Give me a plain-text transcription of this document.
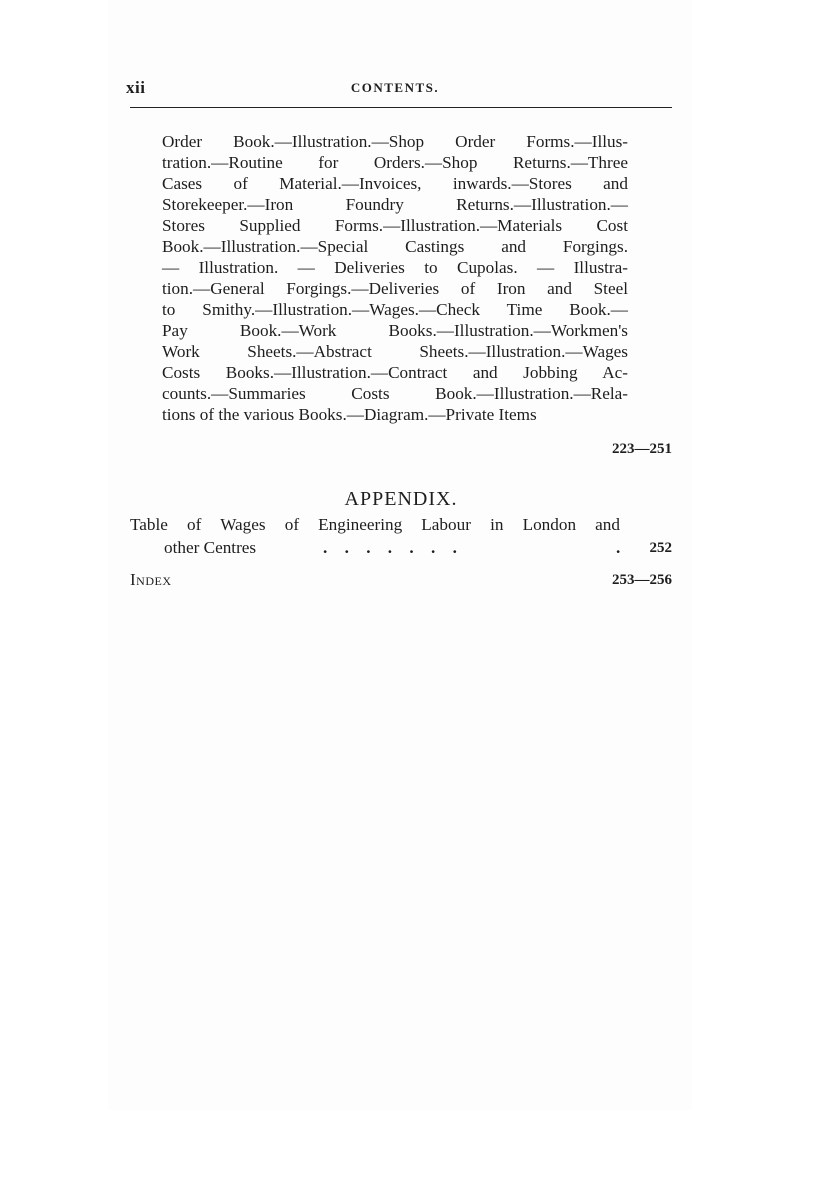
xii	CONTENTS.
Order Book.—Illustration.—Shop Order Forms.—Illus-
tration.—Routine for Orders.—Shop Returns.—Three
Cases of Material.—Invoices, inwards.—Stores and
Storekeeper.—Iron Foundry Returns.—Illustration.—
Stores Supplied Forms.—Illustration.—Materials Cost
Book.—Illustration.—Special Castings and Forgings.
— Illustration. — Deliveries to Cupolas. — Illustra-
tion.—General Forgings.—Deliveries of Iron and Steel
to Smithy.—Illustration.—Wages.—Check Time Book.—
Pay Book.—Work Books.—Illustration.—Workmen's
Work Sheets.—Abstract Sheets.—Illustration.—Wages
Costs Books.—Illustration.—Contract and Jobbing Ac-
counts.—Summaries Costs Book.—Illustration.—Rela-
tions of the various Books.—Diagram.—Private Items
223—251
APPENDIX.
Table of Wages of Engineering Labour in London and
other Centres	.......	. 252
Index	253—256
